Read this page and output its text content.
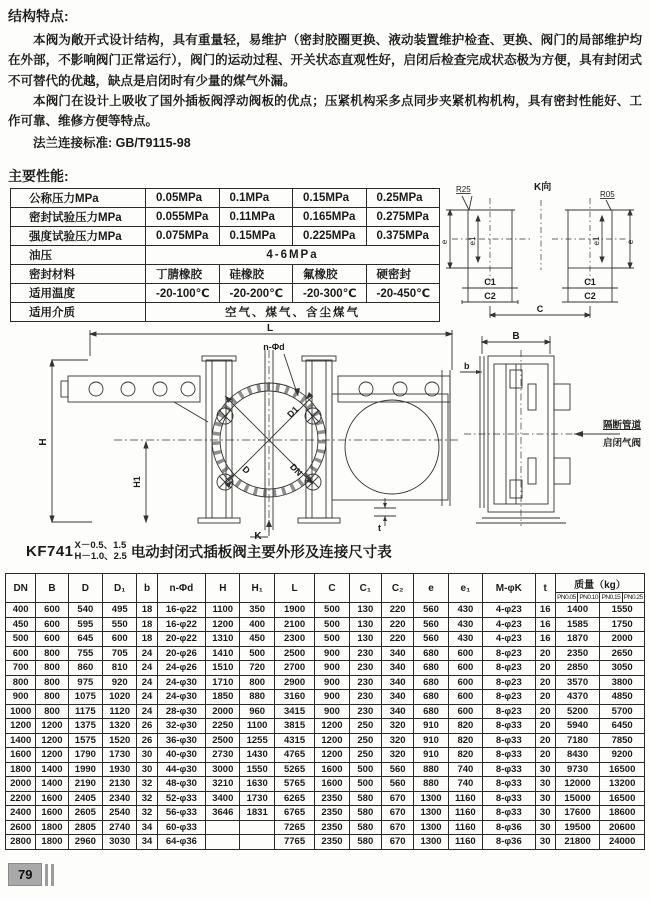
结构特点:

本阀为敞开式设计结构，具有重量轻，易维护（密封胶圈更换、液动装置维护检查、更换、阀门的局部维护均在外部，不影响阀门正常运行），阀门的运动过程、开关状态直观性好，启闭后检查完成状态极为方便，具有封闭式不可替代的优越，缺点是启闭时有少量的煤气外漏。

本阀门在设计上吸收了国外插板阀浮动阀板的优点；压紧机构采多点同步夹紧机构机构，具有密封性能好、工作可靠、维修方便等特点。

法兰连接标准: GB/T9115-98

主要性能:
公称压力MPa	0.05MPa	0.1MPa	0.15MPa	0.25MPa
密封试验压力MPa	0.055MPa	0.11MPa	0.165MPa	0.275MPa
强度试验压力MPa	0.075MPa	0.15MPa	0.225MPa	0.375MPa
油压	4-6MPa			
密封材料	丁腈橡胶	硅橡胶	氟橡胶	硬密封
适用温度	-20-100℃	-20-200℃	-20-300℃	-20-450℃
适用介质	空气、煤气、含尘煤气			
K向
R25
R05
e	e
e1	e1
C1	C1
C2	C2
C
L
H
H1
n-Φd
D1
D	DN
K
t
B
b
隔断管道
启闭气阀
KF741 X－0.5、1.5
H－1.0、2.5 电动封闭式插板阀主要外形及连接尺寸表
DN	B	D	D₁	b	n-Φd	H	H₁	L	C	C₁	C₂	e	e₁	M-φK	t	质量（kg）			
																PN0.05	PN0.10	PN0.15	PN0.25
400	600	540	495	18	16-φ22	1100	350	1900	500	130	220	560	430	4-φ23	16	1400		1550	
450	600	595	550	18	16-φ22	1200	400	2100	500	130	220	560	430	4-φ23	16	1585		1750	
500	600	645	600	18	20-φ22	1310	450	2300	500	130	220	560	430	4-φ23	16	1870		2000	
600	800	755	705	24	20-φ26	1410	500	2500	900	230	340	680	600	8-φ23	20	2350		2650	
700	800	860	810	24	24-φ26	1510	720	2700	900	230	340	680	600	8-φ23	20	2850		3050	
800	800	975	920	24	24-φ30	1710	800	2900	900	230	340	680	600	8-φ23	20	3570		3800	
900	800	1075	1020	24	24-φ30	1850	880	3160	900	230	340	680	600	8-φ23	20	4370		4850	
1000	800	1175	1120	24	28-φ30	2000	960	3415	900	230	340	680	600	8-φ23	20	5200		5700	
1200	1200	1375	1320	26	32-φ30	2250	1100	3815	1200	250	320	910	820	8-φ33	20	5940		6450	
1400	1200	1575	1520	26	36-φ30	2500	1255	4315	1200	250	320	910	820	8-φ33	20	7180		7850	
1600	1200	1790	1730	30	40-φ30	2730	1430	4765	1200	250	320	910	820	8-φ33	20	8430		9200	
1800	1400	1990	1930	30	44-φ30	3000	1550	5265	1600	500	560	880	740	8-φ33	30	9730		16500	
2000	1400	2190	2130	32	48-φ30	3210	1630	5765	1600	500	560	880	740	8-φ33	30	12000		13200	
2200	1600	2405	2340	32	52-φ33	3400	1730	6265	2350	580	670	1300	1160	8-φ33	30	15000		16500	
2400	1600	2605	2540	32	56-φ33	3646	1831	6765	2350	580	670	1300	1160	8-φ33	30	17600		18600	
2600	1800	2805	2740	34	60-φ33			7265	2350	580	670	1300	1160	8-φ36	30	19500		20600	
2800	1800	2960	3030	34	64-φ36			7765	2350	580	670	1300	1160	8-φ36	30	21800		24000	
79
